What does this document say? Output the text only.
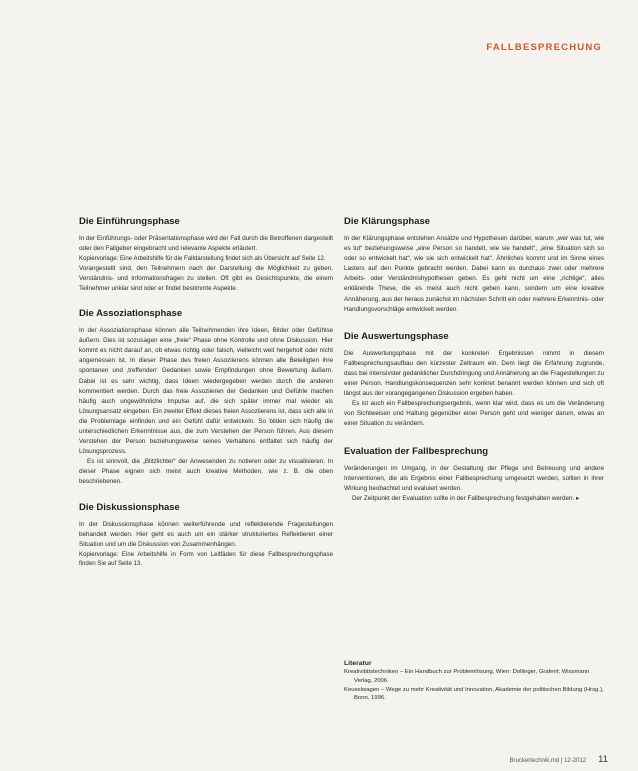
FALLBESPRECHUNG
Die Einführungsphase

In der Einführungs- oder Präsentationsphase wird der Fall durch die Betroffenen dargestellt oder den Fallgeber eingebracht und relevante Aspekte erläutert.

Kopiervorlage: Eine Arbeitshilfe für die Falldarstellung findet sich als Übersicht auf Seite 12.

Vorangestellt sind, den Teilnehmern nach der Darstellung die Möglichkeit zu geben, Verständnis- und Informationsfragen zu stellen. Oft gibt es Gesichtspunkte, die einem Teilnehmer unklar sind oder er findet bestimmte Aspekte.

Die Assoziationsphase

In der Assoziationsphase können alle Teilnehmenden ihre Ideen, Bilder oder Gefühlse äußern. Dies ist sozusagen eine „freie“ Phase ohne Kontrolle und ohne Diskussion. Hier kommt es nicht darauf an, ob etwas richtig oder falsch, vielleicht weit hergeholt oder nicht angemessen ist. In dieser Phase des freien Assoziierens können alle Beteiligten ihre spontanen und ‚treffenden‘ Gedanken sowie Empfindungen ohne Bewertung äußern. Dabei ist es sehr wichtig, dass Ideen wiedergegeben werden durch die anderen kommentiert werden. Durch das freie Assoziieren der Gedanken und Gefühle machen häufig auch ungewöhnliche Impulse auf, die sich später immer mal wieder als Lösungsansatz eingeben. Ein zweiter Effekt dieses freien Assoziierens ist, dass sich alle in die Problemlage einfinden und ein Gefühl dafür entwickeln. So bilden sich häufig die unterschiedlichen Erkenntnisse aus, die zum Verstehen der Person führen. Aus diesem Verstehen der Person beziehungsweise seines Verhaltens entfaltet sich häufig der Lösungsprozess.

Es ist sinnvoll, die „Blitzlichter“ der Anwesenden zu notieren oder zu visualisieren. In dieser Phase eignen sich meist auch kreative Methoden, wie z. B. die oben beschriebenen.

Die Diskussionsphase

In der Diskussionsphase können weiterführende und reflektierende Fragestellungen behandelt werden. Hier geht es auch um ein stärker strukturiertes Reflektieren einer Situation und um die Diskussion von Zusammenhängen.

Kopiervorlage: Eine Arbeitshilfe in Form von Leitfäden für diese Fallbesprechungsphase finden Sie auf Seite 13.

Die Klärungsphase

In der Klärungsphase entstehen Ansätze und Hypothesen darüber, warum „wer was tut, wie es tut“ beziehungsweise „eine Person so handelt, wie sie handelt“, „eine Situation sich so oder so entwickelt hat“, wie sie sich entwickelt hat“. Ähnliches kommt und im Sinne eines Lasters auf den Punkte gebracht werden. Dabei kann es durchaus zwei oder mehrere Arbeits- oder Verständnishypothesen geben. Es geht nicht um eine „richtige“, alles erklärende These, die es meist auch nicht geben kann, sondern um eine kreative Annäherung, aus der heraus zunächst im nächsten Schritt ein oder mehrere Erkenntnis- oder Handlungsvorschläge entwickelt werden.

Die Auswertungsphase

Die Auswertungsphase mit der konkreten Ergebnissen nimmt in diesem Fallbesprechungsaufbau den kürzester Zeitraum ein. Dem liegt die Erfahrung zugrunde, dass bei intensivster gedanklicher Durchdringung und Annäherung an die Fragestellungen zu einer Person. Handlungskonsequenzen sehr konkret benannt werden können und sich oft längst aus der vorangegangenen Diskussion ergeben haben.

Es ist auch ein Fallbesprechungsergebnis, wenn klar wird, dass es um die Veränderung von Sichtweisen und Haltung gegenüber einer Person geht und weniger darum, etwas an einer Situation zu verändern.

Evaluation der Fallbesprechung

Veränderungen im Umgang, in der Gestaltung der Pflege und Betreuung und andere Interventionen, die als Ergebnis einer Fallbesprechung umgesetzt werden, sollten in ihrer Wirkung beobachtet und evaluiert werden.

Der Zeitpunkt der Evaluation sollte in der Fallbesprechung festgehalten werden. ▸

Literatur

Kreativitätstechniken – Ein Handbuch zur Problemlösung, Wien: Dollinger, Grafenf, Wissmann Verlag, 2006.

Keuselwagen – Wege zu mehr Kreativität und Innovation, Akademie der politischen Bildung (Hrsg.), Bonn, 1996.

Bruckertechnik.md | 12-2012 11
